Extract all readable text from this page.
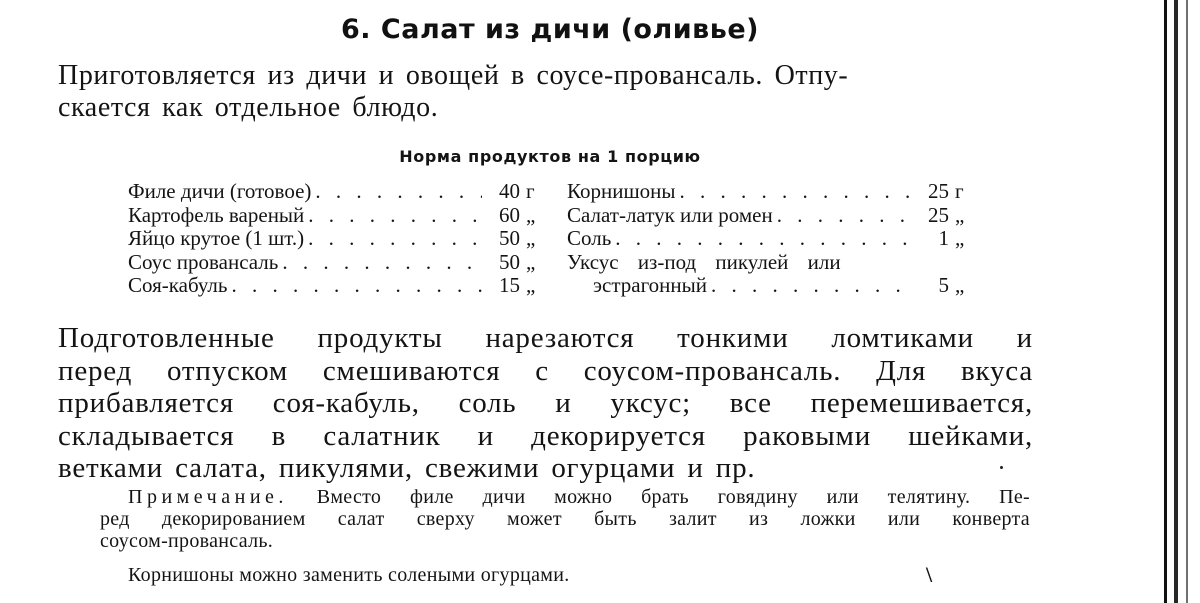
6. Салат из дичи (оливье)
Приготовляется из дичи и овощей в соусе-провансаль. Отпу-
скается как отдельное блюдо.
Норма продуктов на 1 порцию
Филе дичи (готовое) . . .	40 г
Картофель вареный . . .	60 „
Яйцо крутое (1 шт.) . . .	50 „
Соус провансаль . . .	50 „
Соя-кабуль . . .	15 „
Корнишоны . . .	25 г
Салат-латук или ромен . . .	25 „
Соль . . .	1 „
Уксус из-под пикулей или
эстрагонный . . .	5 „
Подготовленные продукты нарезаются тонкими ломтиками и
перед отпуском смешиваются с соусом-провансаль. Для вкуса
прибавляется соя-кабуль, соль и уксус; все перемешивается,
складывается в салатник и декорируется раковыми шейками,
ветками салата, пикулями, свежими огурцами и пр.
Примечание. Вместо филе дичи можно брать говядину или телятину. Пе-
ред декорированием салат сверху может быть залит из ложки или конверта
соусом-провансаль.
Корнишоны можно заменить солеными огурцами.	\
